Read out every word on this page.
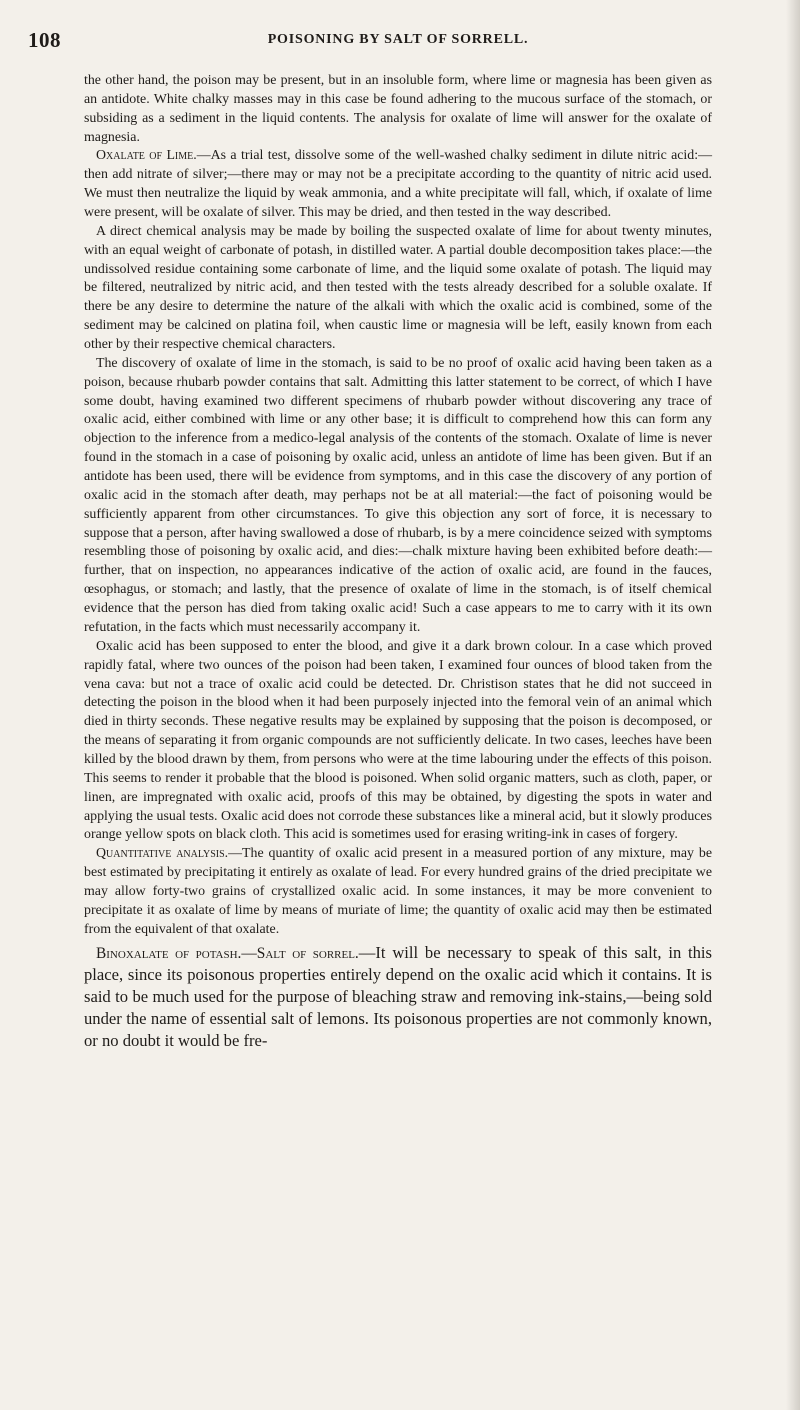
108	POISONING BY SALT OF SORRELL.

the other hand, the poison may be present, but in an insoluble form, where lime or magnesia has been given as an antidote. White chalky masses may in this case be found adhering to the mucous surface of the stomach, or subsiding as a sediment in the liquid contents. The analysis for oxalate of lime will answer for the oxalate of magnesia.

Oxalate of Lime.—As a trial test, dissolve some of the well-washed chalky sediment in dilute nitric acid:—then add nitrate of silver;—there may or may not be a precipitate according to the quantity of nitric acid used. We must then neutralize the liquid by weak ammonia, and a white precipitate will fall, which, if oxalate of lime were present, will be oxalate of silver. This may be dried, and then tested in the way described.

A direct chemical analysis may be made by boiling the suspected oxalate of lime for about twenty minutes, with an equal weight of carbonate of potash, in distilled water. A partial double decomposition takes place:—the undissolved residue containing some carbonate of lime, and the liquid some oxalate of potash. The liquid may be filtered, neutralized by nitric acid, and then tested with the tests already described for a soluble oxalate. If there be any desire to determine the nature of the alkali with which the oxalic acid is combined, some of the sediment may be calcined on platina foil, when caustic lime or magnesia will be left, easily known from each other by their respective chemical characters.

The discovery of oxalate of lime in the stomach, is said to be no proof of oxalic acid having been taken as a poison, because rhubarb powder contains that salt. Admitting this latter statement to be correct, of which I have some doubt, having examined two different specimens of rhubarb powder without discovering any trace of oxalic acid, either combined with lime or any other base; it is difficult to comprehend how this can form any objection to the inference from a medico-legal analysis of the contents of the stomach. Oxalate of lime is never found in the stomach in a case of poisoning by oxalic acid, unless an antidote of lime has been given. But if an antidote has been used, there will be evidence from symptoms, and in this case the discovery of any portion of oxalic acid in the stomach after death, may perhaps not be at all material:—the fact of poisoning would be sufficiently apparent from other circumstances. To give this objection any sort of force, it is necessary to suppose that a person, after having swallowed a dose of rhubarb, is by a mere coincidence seized with symptoms resembling those of poisoning by oxalic acid, and dies:—chalk mixture having been exhibited before death:—further, that on inspection, no appearances indicative of the action of oxalic acid, are found in the fauces, œsophagus, or stomach; and lastly, that the presence of oxalate of lime in the stomach, is of itself chemical evidence that the person has died from taking oxalic acid! Such a case appears to me to carry with it its own refutation, in the facts which must necessarily accompany it.

Oxalic acid has been supposed to enter the blood, and give it a dark brown colour. In a case which proved rapidly fatal, where two ounces of the poison had been taken, I examined four ounces of blood taken from the vena cava: but not a trace of oxalic acid could be detected. Dr. Christison states that he did not succeed in detecting the poison in the blood when it had been purposely injected into the femoral vein of an animal which died in thirty seconds. These negative results may be explained by supposing that the poison is decomposed, or the means of separating it from organic compounds are not sufficiently delicate. In two cases, leeches have been killed by the blood drawn by them, from persons who were at the time labouring under the effects of this poison. This seems to render it probable that the blood is poisoned. When solid organic matters, such as cloth, paper, or linen, are impregnated with oxalic acid, proofs of this may be obtained, by digesting the spots in water and applying the usual tests. Oxalic acid does not corrode these substances like a mineral acid, but it slowly produces orange yellow spots on black cloth. This acid is sometimes used for erasing writing-ink in cases of forgery.

Quantitative analysis.—The quantity of oxalic acid present in a measured portion of any mixture, may be best estimated by precipitating it entirely as oxalate of lead. For every hundred grains of the dried precipitate we may allow forty-two grains of crystallized oxalic acid. In some instances, it may be more convenient to precipitate it as oxalate of lime by means of muriate of lime; the quantity of oxalic acid may then be estimated from the equivalent of that oxalate.

Binoxalate of potash.—Salt of sorrel.—It will be necessary to speak of this salt, in this place, since its poisonous properties entirely depend on the oxalic acid which it contains. It is said to be much used for the purpose of bleaching straw and removing ink-stains,—being sold under the name of essential salt of lemons. Its poisonous properties are not commonly known, or no doubt it would be fre-
